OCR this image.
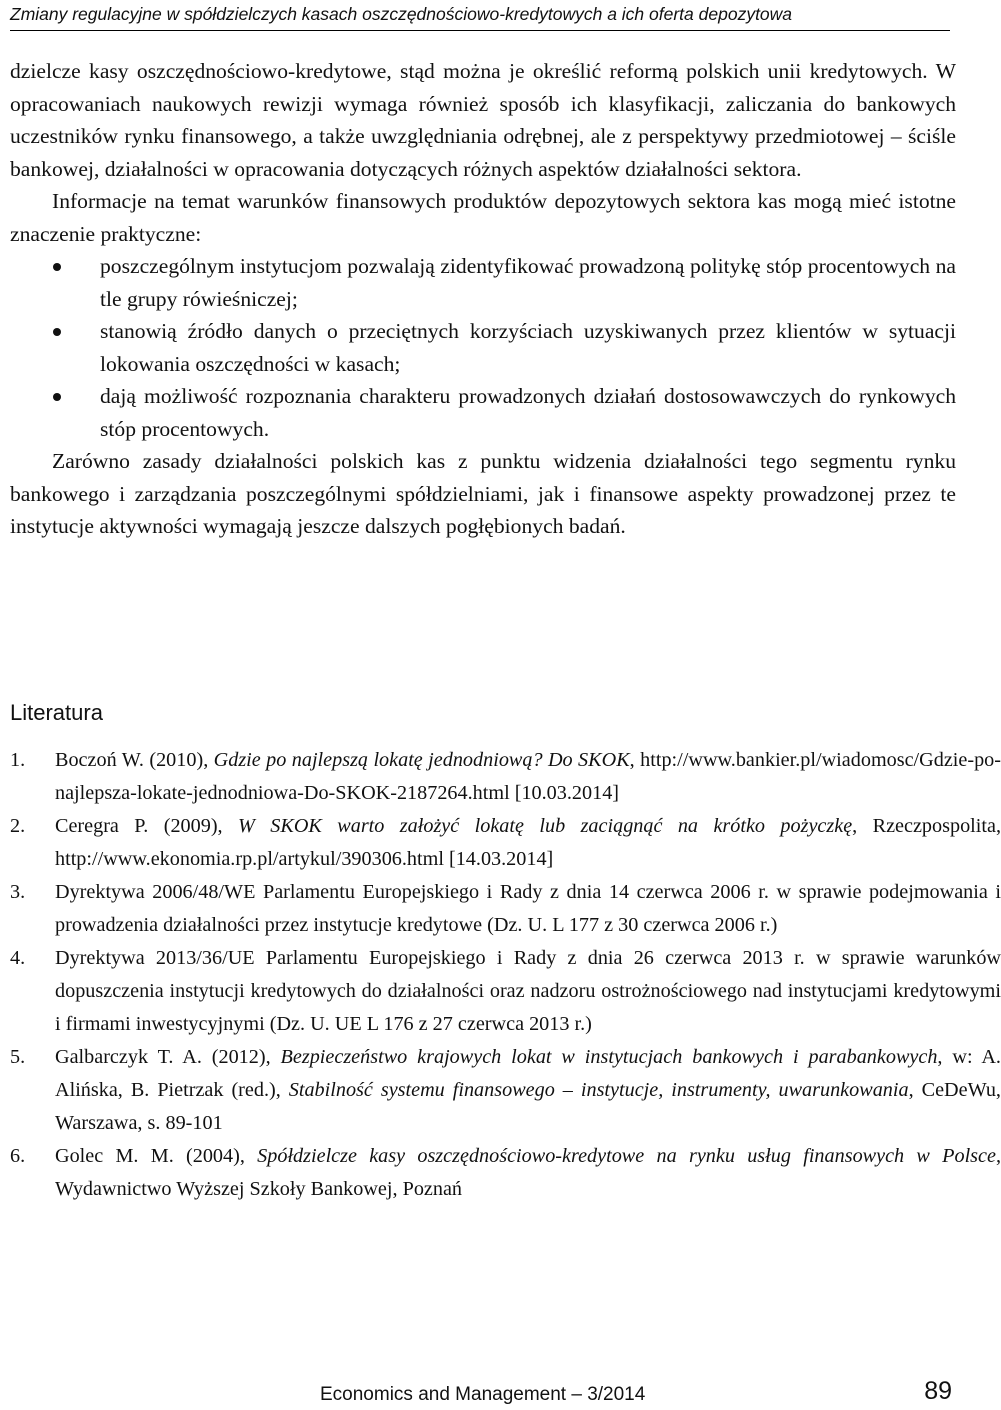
Zmiany regulacyjne w spółdzielczych kasach oszczędnościowo-kredytowych a ich oferta depozytowa

dzielcze kasy oszczędnościowo-kredytowe, stąd można je określić reformą polskich unii kredytowych. W opracowaniach naukowych rewizji wymaga również sposób ich klasyfikacji, zaliczania do bankowych uczestników rynku finansowego, a także uwzględniania odrębnej, ale z perspektywy przedmiotowej – ściśle bankowej, działalności w opracowania dotyczących różnych aspektów działalności sektora.

Informacje na temat warunków finansowych produktów depozytowych sektora kas mogą mieć istotne znaczenie praktyczne:

poszczególnym instytucjom pozwalają zidentyfikować prowadzoną politykę stóp procentowych na tle grupy rówieśniczej;
stanowią źródło danych o przeciętnych korzyściach uzyskiwanych przez klientów w sytuacji lokowania oszczędności w kasach;
dają możliwość rozpoznania charakteru prowadzonych działań dostosowawczych do rynkowych stóp procentowych.

Zarówno zasady działalności polskich kas z punktu widzenia działalności tego segmentu rynku bankowego i zarządzania poszczególnymi spółdzielniami, jak i finansowe aspekty prowadzonej przez te instytucje aktywności wymagają jeszcze dalszych pogłębionych badań.

Literatura
1. Boczoń W. (2010), Gdzie po najlepszą lokatę jednodniową? Do SKOK, http://www.bankier.pl/wiadomosc/Gdzie-po-najlepsza-lokate-jednodniowa-Do-SKOK-2187264.html [10.03.2014]
2. Ceregra P. (2009), W SKOK warto założyć lokatę lub zaciągnąć na krótko pożyczkę, Rzeczpospolita, http://www.ekonomia.rp.pl/artykul/390306.html [14.03.2014]
3. Dyrektywa 2006/48/WE Parlamentu Europejskiego i Rady z dnia 14 czerwca 2006 r. w sprawie podejmowania i prowadzenia działalności przez instytucje kredytowe (Dz. U. L 177 z 30 czerwca 2006 r.)
4. Dyrektywa 2013/36/UE Parlamentu Europejskiego i Rady z dnia 26 czerwca 2013 r. w sprawie warunków dopuszczenia instytucji kredytowych do działalności oraz nadzoru ostrożnościowego nad instytucjami kredytowymi i firmami inwestycyjnymi (Dz. U. UE L 176 z 27 czerwca 2013 r.)
5. Galbarczyk T. A. (2012), Bezpieczeństwo krajowych lokat w instytucjach bankowych i parabankowych, w: A. Alińska, B. Pietrzak (red.), Stabilność systemu finansowego – instytucje, instrumenty, uwarunkowania, CeDeWu, Warszawa, s. 89-101
6. Golec M. M. (2004), Spółdzielcze kasy oszczędnościowo-kredytowe na rynku usług finansowych w Polsce, Wydawnictwo Wyższej Szkoły Bankowej, Poznań
Economics and Management – 3/2014	89
